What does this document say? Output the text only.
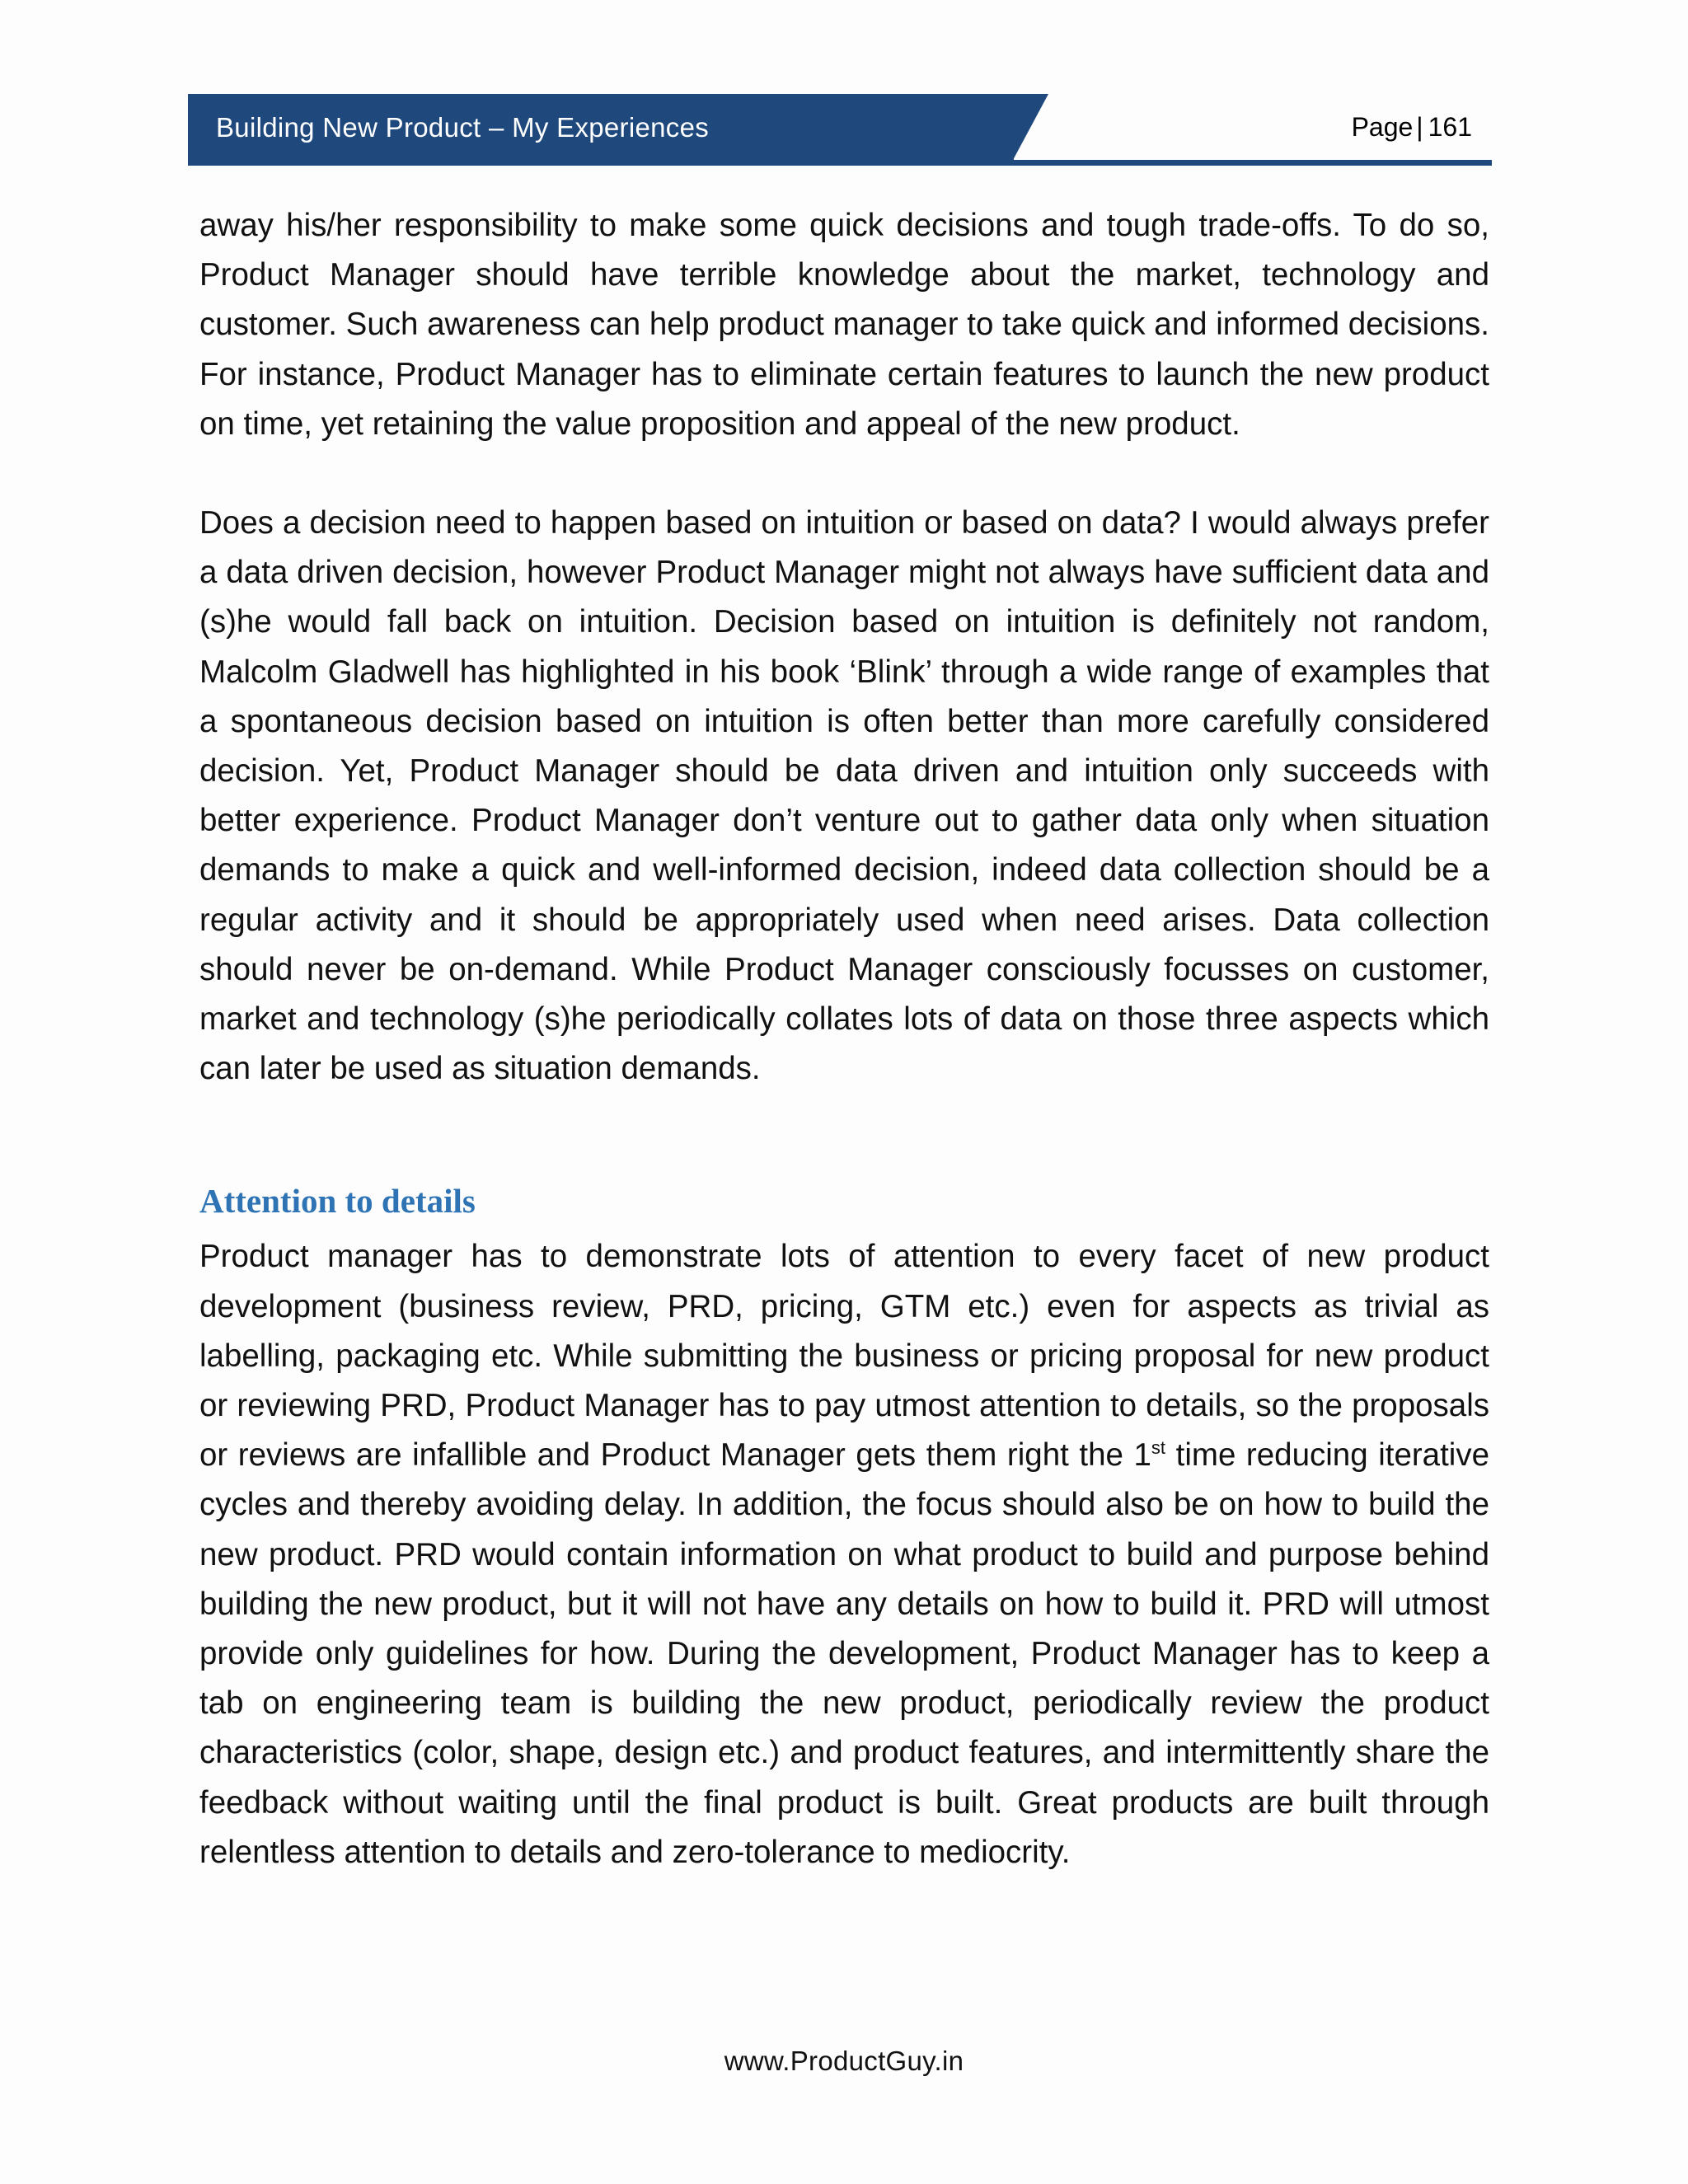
Building New Product – My Experiences	Page | 161

away his/her responsibility to make some quick decisions and tough trade-offs. To do so, Product Manager should have terrible knowledge about the market, technology and customer. Such awareness can help product manager to take quick and informed decisions. For instance, Product Manager has to eliminate certain features to launch the new product on time, yet retaining the value proposition and appeal of the new product.

Does a decision need to happen based on intuition or based on data? I would always prefer a data driven decision, however Product Manager might not always have sufficient data and (s)he would fall back on intuition. Decision based on intuition is definitely not random, Malcolm Gladwell has highlighted in his book ‘Blink’ through a wide range of examples that a spontaneous decision based on intuition is often better than more carefully considered decision. Yet, Product Manager should be data driven and intuition only succeeds with better experience. Product Manager don’t venture out to gather data only when situation demands to make a quick and well-informed decision, indeed data collection should be a regular activity and it should be appropriately used when need arises. Data collection should never be on-demand. While Product Manager consciously focusses on customer, market and technology (s)he periodically collates lots of data on those three aspects which can later be used as situation demands.

Attention to details

Product manager has to demonstrate lots of attention to every facet of new product development (business review, PRD, pricing, GTM etc.) even for aspects as trivial as labelling, packaging etc. While submitting the business or pricing proposal for new product or reviewing PRD, Product Manager has to pay utmost attention to details, so the proposals or reviews are infallible and Product Manager gets them right the 1st time reducing iterative cycles and thereby avoiding delay. In addition, the focus should also be on how to build the new product. PRD would contain information on what product to build and purpose behind building the new product, but it will not have any details on how to build it. PRD will utmost provide only guidelines for how. During the development, Product Manager has to keep a tab on engineering team is building the new product, periodically review the product characteristics (color, shape, design etc.) and product features, and intermittently share the feedback without waiting until the final product is built. Great products are built through relentless attention to details and zero-tolerance to mediocrity.

www.ProductGuy.in
